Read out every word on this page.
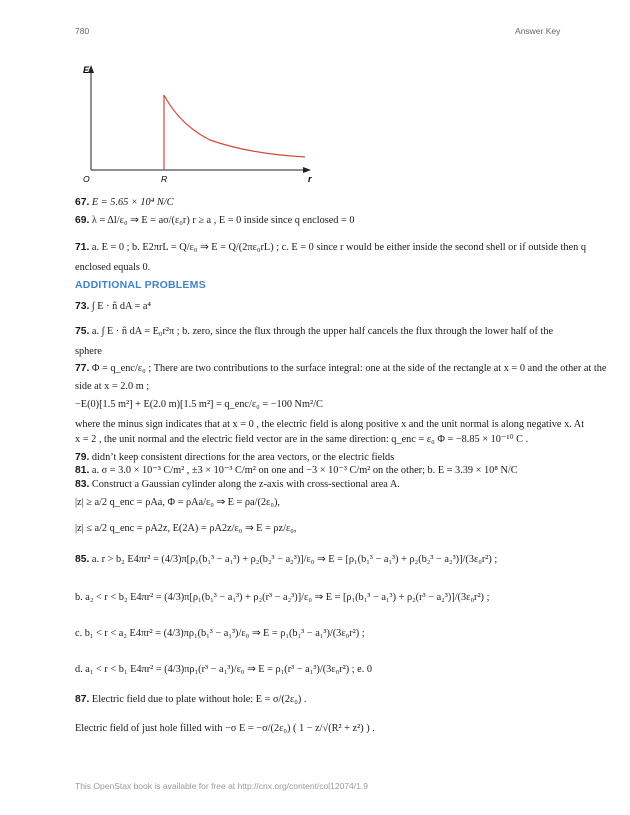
780	Answer Key
E
r
O	R
67. E = 5.65 × 10⁴ N/C
69. λ = Δl/ε₀ ⇒ E = aσ/(ε₀r) r ≥ a , E = 0 inside since q enclosed = 0
71. a. E = 0 ; b. E2πrL = Q/ε₀ ⇒ E = Q/(2πε₀rL) ; c. E = 0 since r would be either inside the second shell or if outside then q
enclosed equals 0.
ADDITIONAL PROBLEMS
73. ∫ E · n̂ dA = a⁴
75. a. ∫ E · n̂ dA = E₀r²π ; b. zero, since the flux through the upper half cancels the flux through the lower half of the
sphere
77. Φ = q_enc/ε₀ ; There are two contributions to the surface integral: one at the side of the rectangle at x = 0 and the other at the
side at x = 2.0 m ;
−E(0)[1.5 m²] + E(2.0 m)[1.5 m²] = q_enc/ε₀ = −100 Nm²/C
where the minus sign indicates that at x = 0 , the electric field is along positive x and the unit normal is along negative x. At
x = 2 , the unit normal and the electric field vector are in the same direction: q_enc = ε₀ Φ = −8.85 × 10⁻¹⁰ C .
79. didn’t keep consistent directions for the area vectors, or the electric fields
81. a. σ = 3.0 × 10⁻³ C/m² , ±3 × 10⁻³ C/m² on one and −3 × 10⁻³ C/m² on the other; b. E = 3.39 × 10⁸ N/C
83. Construct a Gaussian cylinder along the z-axis with cross-sectional area A.
|z| ≥ a/2 q_enc = ρAa, Φ = ρAa/ε₀ ⇒ E = ρa/(2ε₀),
|z| ≤ a/2 q_enc = ρA2z, E(2A) = ρA2z/ε₀ ⇒ E = ρz/ε₀,
85. a. r > b₂ E4πr² = (4/3)π[ρ₁(b₁³ − a₁³) + ρ₂(b₂³ − a₂³)]/ε₀ ⇒ E = [ρ₁(b₁³ − a₁³) + ρ₂(b₂³ − a₂³)]/(3ε₀r²) ;
b. a₂ < r < b₂ E4πr² = (4/3)π[ρ₁(b₁³ − a₁³) + ρ₂(r³ − a₂³)]/ε₀ ⇒ E = [ρ₁(b₁³ − a₁³) + ρ₂(r³ − a₂³)]/(3ε₀r²) ;
c. b₁ < r < a₂ E4πr² = (4/3)πρ₁(b₁³ − a₁³)/ε₀ ⇒ E = ρ₁(b₁³ − a₁³)/(3ε₀r²) ;
d. a₁ < r < b₁ E4πr² = (4/3)πρ₁(r³ − a₁³)/ε₀ ⇒ E = ρ₁(r³ − a₁³)/(3ε₀r²) ; e. 0
87. Electric field due to plate without hole: E = σ/(2ε₀) .
Electric field of just hole filled with −σ E = −σ/(2ε₀) ( 1 − z/√(R² + z²) ) .
This OpenStax book is available for free at http://cnx.org/content/col12074/1.9
